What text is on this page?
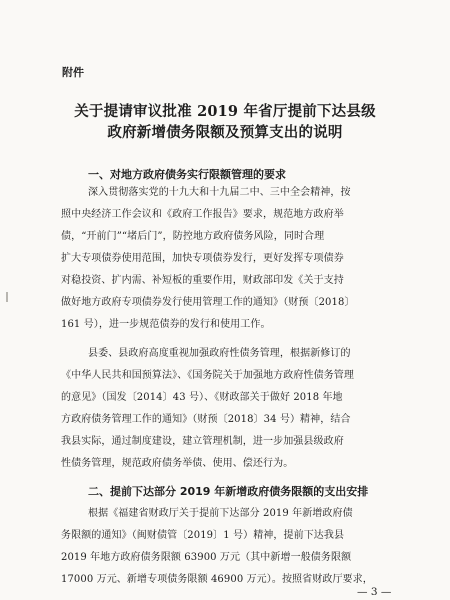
附件
关于提请审议批准 2019 年省厅提前下达县级
政府新增债务限额及预算支出的说明
一、对地方政府债务实行限额管理的要求
深入贯彻落实党的十九大和十九届二中、三中全会精神，按
照中央经济工作会议和《政府工作报告》要求，规范地方政府举
债，“开前门”“堵后门”，防控地方政府债务风险，同时合理
扩大专项债券使用范围，加快专项债券发行，更好发挥专项债券
对稳投资、扩内需、补短板的重要作用，财政部印发《关于支持
做好地方政府专项债券发行使用管理工作的通知》（财预〔2018〕
161 号），进一步规范债券的发行和使用工作。
县委、县政府高度重视加强政府性债务管理，根据新修订的
《中华人民共和国预算法》、《国务院关于加强地方政府性债务管理
的意见》（国发〔2014〕43 号）、《财政部关于做好 2018 年地
方政府债务管理工作的通知》（财预〔2018〕34 号）精神，结合
我县实际，通过制度建设，建立管理机制，进一步加强县级政府
性债务管理，规范政府债务举债、使用、偿还行为。
二、提前下达部分 2019 年新增政府债务限额的支出安排
根据《福建省财政厅关于提前下达部分 2019 年新增政府债
务限额的通知》（闽财债管〔2019〕1 号）精神，提前下达我县
2019 年地方政府债务限额 63900 万元（其中新增一般债务限额
17000 万元、新增专项债务限额 46900 万元）。按照省财政厅要求，
— 3 —
